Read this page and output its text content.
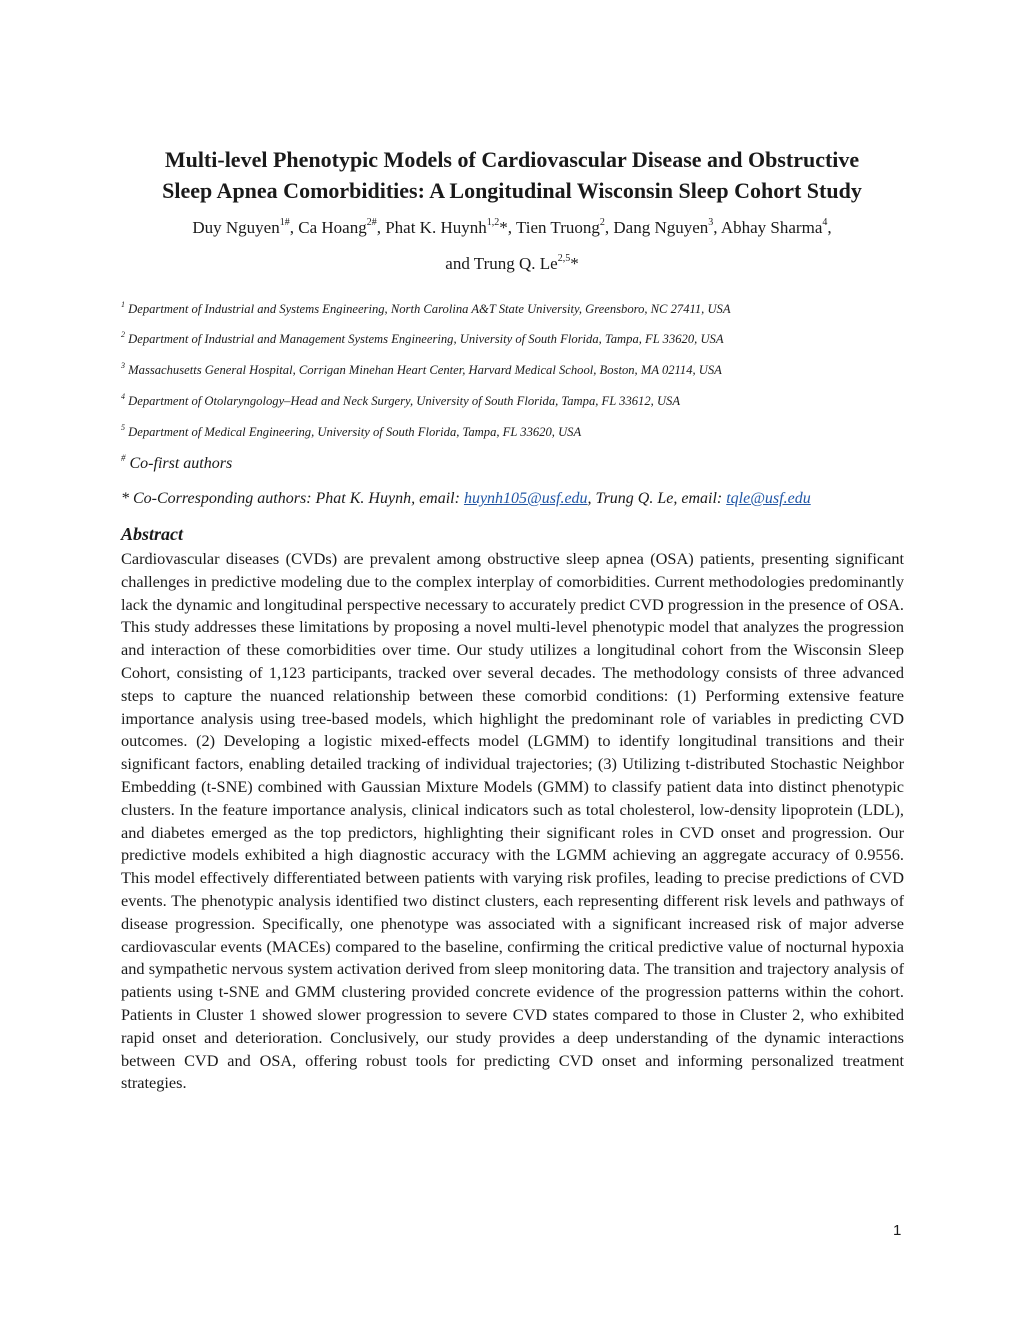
Multi-level Phenotypic Models of Cardiovascular Disease and Obstructive
Sleep Apnea Comorbidities: A Longitudinal Wisconsin Sleep Cohort Study
Duy Nguyen$^{1\#}$, Ca Hoang$^{2\#}$, Phat K. Huynh$^{1,2}$*, Tien Truong$^2$, Dang Nguyen$^3$, Abhay Sharma$^4$,
and Trung Q. Le$^{2,5}$*
$^1$ Department of Industrial and Systems Engineering, North Carolina A&T State University, Greensboro, NC 27411, USA
$^2$ Department of Industrial and Management Systems Engineering, University of South Florida, Tampa, FL 33620, USA
$^3$ Massachusetts General Hospital, Corrigan Minehan Heart Center, Harvard Medical School, Boston, MA 02114, USA
$^4$ Department of Otolaryngology–Head and Neck Surgery, University of South Florida, Tampa, FL 33612, USA
$^5$ Department of Medical Engineering, University of South Florida, Tampa, FL 33620, USA
# Co-first authors
* Co-Corresponding authors: Phat K. Huynh, email: huynh105@usf.edu, Trung Q. Le, email: tqle@usf.edu
Abstract

Cardiovascular diseases (CVDs) are prevalent among obstructive sleep apnea (OSA) patients, presenting significant challenges in predictive modeling due to the complex interplay of comorbidities. Current methodologies predominantly lack the dynamic and longitudinal perspective necessary to accurately predict CVD progression in the presence of OSA. This study addresses these limitations by proposing a novel multi-level phenotypic model that analyzes the progression and interaction of these comorbidities over time. Our study utilizes a longitudinal cohort from the Wisconsin Sleep Cohort, consisting of 1,123 participants, tracked over several decades. The methodology consists of three advanced steps to capture the nuanced relationship between these comorbid conditions: (1) Performing extensive feature importance analysis using tree-based models, which highlight the predominant role of variables in predicting CVD outcomes. (2) Developing a logistic mixed-effects model (LGMM) to identify longitudinal transitions and their significant factors, enabling detailed tracking of individual trajectories; (3) Utilizing t-distributed Stochastic Neighbor Embedding (t-SNE) combined with Gaussian Mixture Models (GMM) to classify patient data into distinct phenotypic clusters. In the feature importance analysis, clinical indicators such as total cholesterol, low-density lipoprotein (LDL), and diabetes emerged as the top predictors, highlighting their significant roles in CVD onset and progression. Our predictive models exhibited a high diagnostic accuracy with the LGMM achieving an aggregate accuracy of 0.9556. This model effectively differentiated between patients with varying risk profiles, leading to precise predictions of CVD events. The phenotypic analysis identified two distinct clusters, each representing different risk levels and pathways of disease progression. Specifically, one phenotype was associated with a significant increased risk of major adverse cardiovascular events (MACEs) compared to the baseline, confirming the critical predictive value of nocturnal hypoxia and sympathetic nervous system activation derived from sleep monitoring data. The transition and trajectory analysis of patients using t-SNE and GMM clustering provided concrete evidence of the progression patterns within the cohort. Patients in Cluster 1 showed slower progression to severe CVD states compared to those in Cluster 2, who exhibited rapid onset and deterioration. Conclusively, our study provides a deep understanding of the dynamic interactions between CVD and OSA, offering robust tools for predicting CVD onset and informing personalized treatment strategies.

1
